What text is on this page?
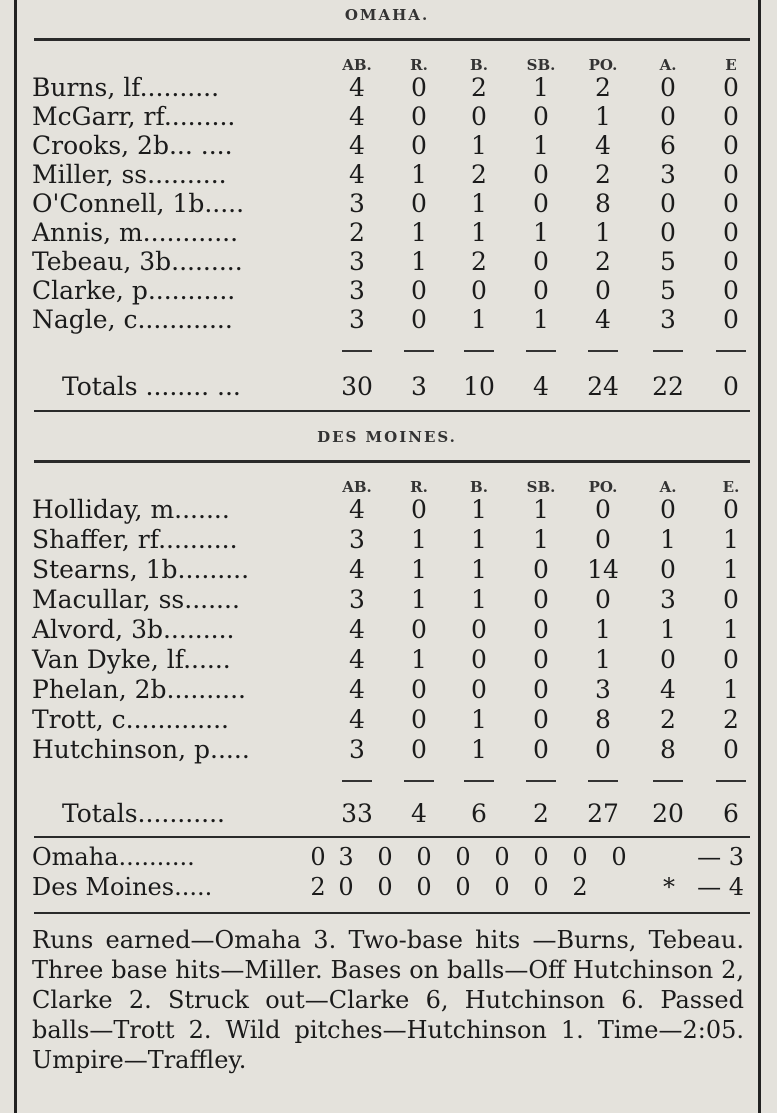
OMAHA.
AB.	R.	B.	SB.	PO.	A.	E
Burns, lf..........	4	0	2	1	2	0	0
McGarr, rf.........	4	0	0	0	1	0	0
Crooks, 2b... ....	4	0	1	1	4	6	0
Miller, ss..........	4	1	2	0	2	3	0
O'Connell, 1b.....	3	0	1	0	8	0	0
Annis, m............	2	1	1	1	1	0	0
Tebeau, 3b.........	3	1	2	0	2	5	0
Clarke, p...........	3	0	0	0	0	5	0
Nagle, c............	3	0	1	1	4	3	0
Totals ........ ...	30	3	10	4	24	22	0
DES MOINES.
AB.	R.	B.	SB.	PO.	A.	E.
Holliday, m.......	4	0	1	1	0	0	0
Shaffer, rf..........	3	1	1	1	0	1	1
Stearns, 1b.........	4	1	1	0	14	0	1
Macullar, ss.......	3	1	1	0	0	3	0
Alvord, 3b.........	4	0	0	0	1	1	1
Van Dyke, lf......	4	1	0	0	1	0	0
Phelan, 2b..........	4	0	0	0	3	4	1
Trott, c.............	4	0	1	0	8	2	2
Hutchinson, p.....	3	0	1	0	0	8	0
Totals...........	33	4	6	2	27	20	6
Omaha..........	0 3 0 0 0 0 0 0 0	— 3
Des Moines.....	2 0 0 0 0 0 0 2	* — 4
Runs earned—Omaha 3. Two-base hits —Burns, Tebeau. Three base hits—Miller. Bases on balls—Off Hutchinson 2, Clarke 2. Struck out—Clarke 6, Hutchinson 6. Passed balls—Trott 2. Wild pitches—Hutchinson 1. Time—2:05. Umpire—Traffley.
